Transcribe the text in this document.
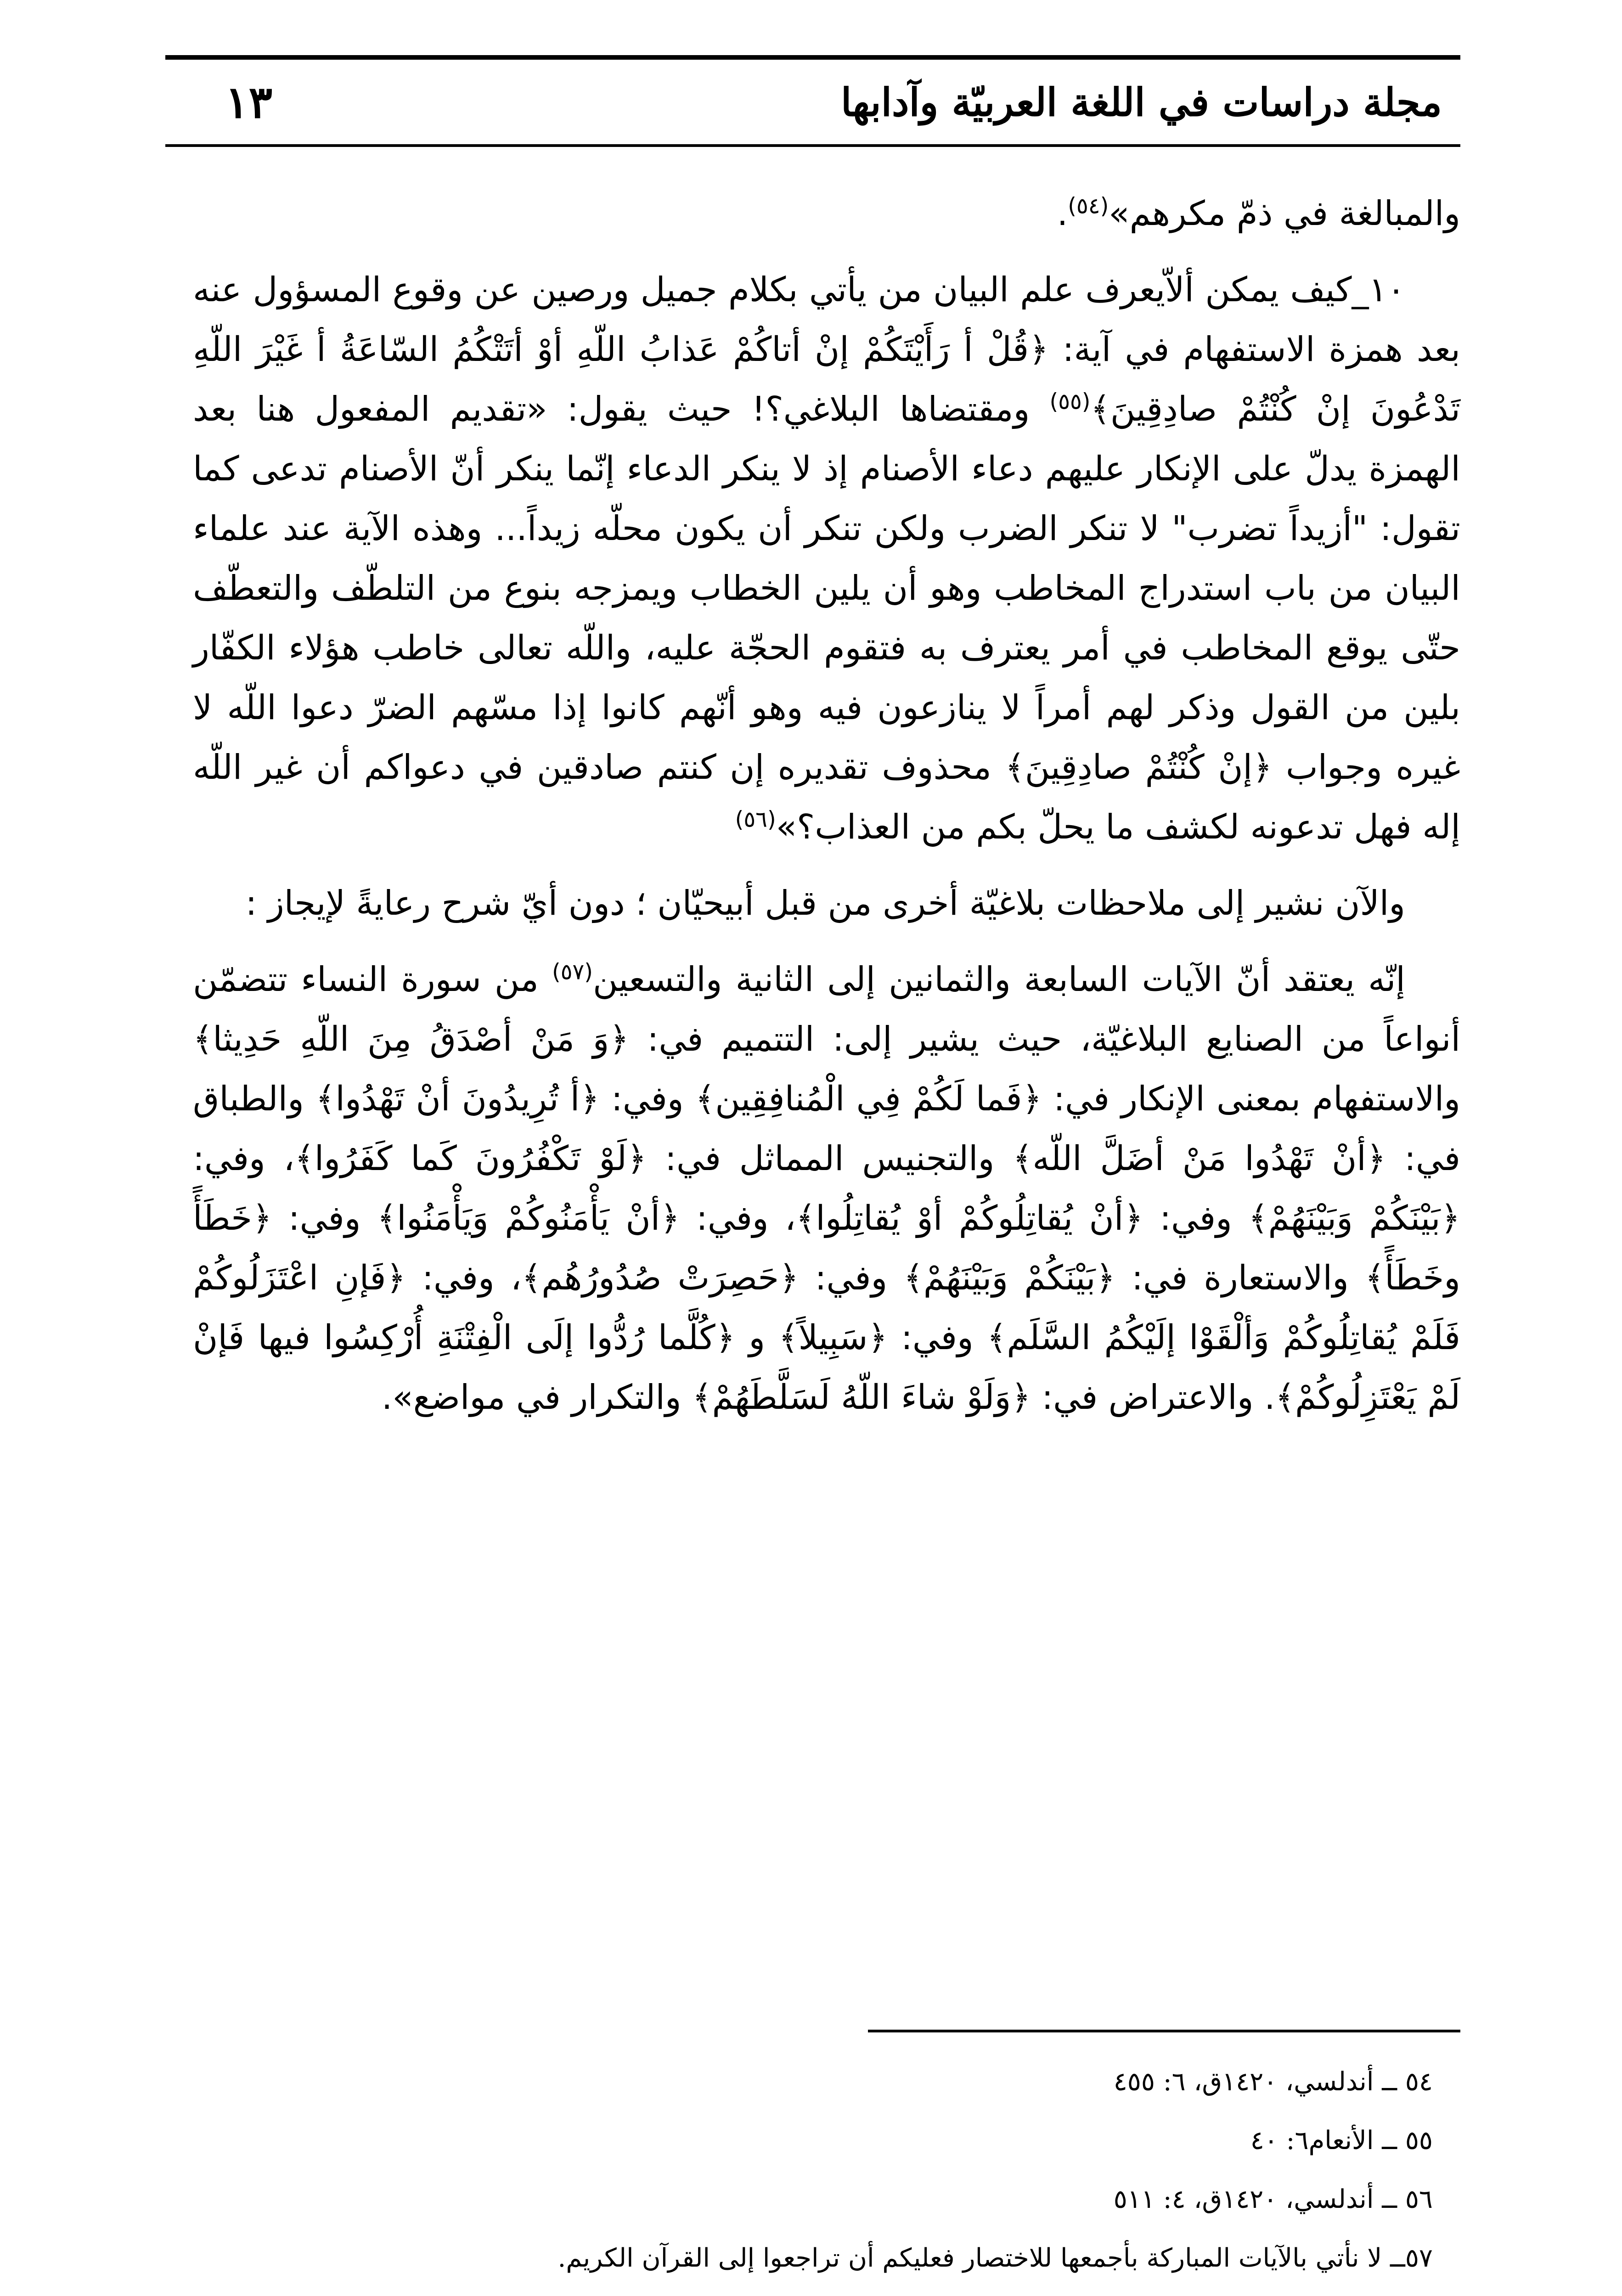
مجلة دراسات في اللغة العربيّة وآدابها
١٣

والمبالغة في ذمّ مكرهم»$^{(٥٤)}$.

١٠_كيف يمكن ألاّيعرف علم البيان من يأتي بكلام جميل ورصين عن وقوع المسؤول عنه بعد همزة الاستفهام في آية: ﴿قُلْ أ رَأَيْتَكُمْ إنْ أتاكُمْ عَذابُ اللّهِ أوْ أتَتْكُمُ السّاعَةُ أ غَيْرَ اللّهِ تَدْعُونَ إنْ كُنْتُمْ صادِقِينَ﴾$^{(٥٥)}$ ومقتضاها البلاغي؟! حيث يقول: «تقديم المفعول هنا بعد الهمزة يدلّ على الإنكار عليهم دعاء الأصنام إذ لا ينكر الدعاء إنّما ينكر أنّ الأصنام تدعى كما تقول: "أزيداً تضرب" لا تنكر الضرب ولكن تنكر أن يكون محلّه زيداً... وهذه الآية عند علماء البيان من باب استدراج المخاطب وهو أن يلين الخطاب ويمزجه بنوع من التلطّف والتعطّف حتّى يوقع المخاطب في أمر يعترف به فتقوم الحجّة عليه، واللّه تعالى خاطب هؤلاء الكفّار بلين من القول وذكر لهم أمراً لا ينازعون فيه وهو أنّهم كانوا إذا مسّهم الضرّ دعوا اللّه لا غيره وجواب ﴿إنْ كُنْتُمْ صادِقِينَ﴾ محذوف تقديره إن كنتم صادقين في دعواكم أن غير اللّه إله فهل تدعونه لكشف ما يحلّ بكم من العذاب؟»$^{(٥٦)}$

والآن نشير إلى ملاحظات بلاغيّة أخرى من قبل أبيحيّان ؛ دون أيّ شرح رعايةً لإيجاز :

إنّه يعتقد أنّ الآيات السابعة والثمانين إلى الثانية والتسعين$^{(٥٧)}$ من سورة النساء تتضمّن أنواعاً من الصنايع البلاغيّة، حيث يشير إلى: التتميم في: ﴿وَ مَنْ أصْدَقُ مِنَ اللّهِ حَدِيثا﴾ والاستفهام بمعنى الإنكار في: ﴿فَما لَكُمْ فِي الْمُنافِقِين﴾ وفي: ﴿أ تُرِيدُونَ أنْ تَهْدُوا﴾ والطباق في: ﴿أنْ تَهْدُوا مَنْ أضَلَّ اللّه﴾ والتجنيس المماثل في: ﴿لَوْ تَكْفُرُونَ كَما كَفَرُوا﴾، وفي: ﴿بَيْنَكُمْ وَبَيْنَهُمْ﴾ وفي: ﴿أنْ يُقاتِلُوكُمْ أوْ يُقاتِلُوا﴾، وفي: ﴿أنْ يَأْمَنُوكُمْ وَيَأْمَنُوا﴾ وفي: ﴿خَطَأً وخَطَأً﴾ والاستعارة في: ﴿بَيْنَكُمْ وَبَيْنَهُمْ﴾ وفي: ﴿حَصِرَتْ صُدُورُهُم﴾، وفي: ﴿فَإنِ اعْتَزَلُوكُمْ فَلَمْ يُقاتِلُوكُمْ وَألْقَوْا إلَيْكُمُ السَّلَم﴾ وفي: ﴿سَبِيلاً﴾ و ﴿كُلَّما رُدُّوا إلَى الْفِتْنَةِ أُرْكِسُوا فيها فَإنْ لَمْ يَعْتَزِلُوكُمْ﴾. والاعتراض في: ﴿وَلَوْ شاءَ اللّهُ لَسَلَّطَهُمْ﴾ والتكرار في مواضع».

٥٤ ــ أندلسي، ١٤٢٠ق، ٦: ٤٥٥

٥٥ ــ الأنعام٦: ٤٠

٥٦ ــ أندلسي، ١٤٢٠ق، ٤: ٥١١

٥٧ــ لا نأتي بالآيات المباركة بأجمعها للاختصار فعليكم أن تراجعوا إلى القرآن الكريم.
